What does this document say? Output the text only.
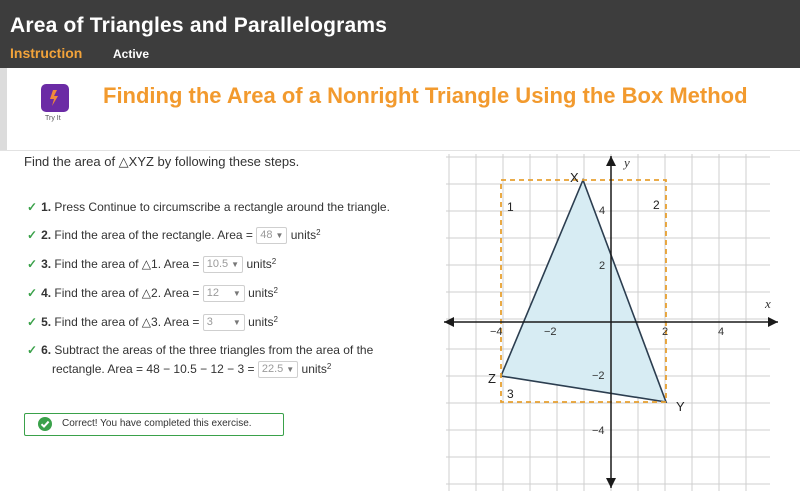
Area of Triangles and Parallelograms
Instruction	Active
Try It
Finding the Area of a Nonright Triangle Using the Box Method
Find the area of △XYZ by following these steps.
✓ 1. Press Continue to circumscribe a rectangle around the triangle.
✓ 2. Find the area of the rectangle. Area = 48 ▼ units$^2$
✓ 3. Find the area of △1. Area = 10.5 ▼ units$^2$
✓ 4. Find the area of △2. Area = 12 ▼ units$^2$
✓ 5. Find the area of △3. Area = 3 ▼ units$^2$
✓ 6. Subtract the areas of the three triangles from the area of the
rectangle. Area = 48 − 10.5 − 12 − 3 = 22.5 ▼ units$^2$
Correct! You have completed this exercise.
x
y
−4	−2	2	4
4
2
−2
−4
X
Y
Z
1	2
3
